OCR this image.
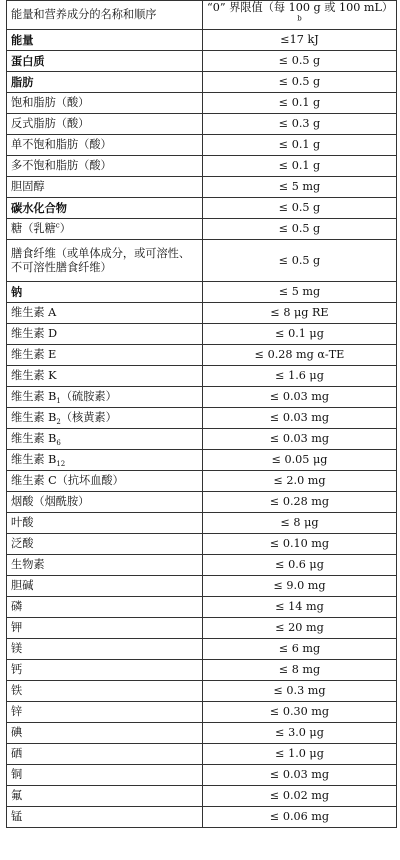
能量和营养成分的名称和顺序	“0” 界限值（每 100 g 或 100 mL）$^b$
能量	≤17 kJ
蛋白质	≤ 0.5 g
脂肪	≤ 0.5 g
饱和脂肪（酸）	≤ 0.1 g
反式脂肪（酸）	≤ 0.3 g
单不饱和脂肪（酸）	≤ 0.1 g
多不饱和脂肪（酸）	≤ 0.1 g
胆固醇	≤ 5 mg
碳水化合物	≤ 0.5 g
糖（乳糖$^c$）	≤ 0.5 g
膳食纤维（或单体成分，或可溶性、
不可溶性膳食纤维）	≤ 0.5 g
钠	≤ 5 mg
维生素 A	≤ 8 μg RE
维生素 D	≤ 0.1 μg
维生素 E	≤ 0.28 mg α-TE
维生素 K	≤ 1.6 μg
维生素 $B_1$（硫胺素）	≤ 0.03 mg
维生素 $B_2$（核黄素）	≤ 0.03 mg
维生素 $B_6$	≤ 0.03 mg
维生素 $B_{12}$	≤ 0.05 μg
维生素 C（抗坏血酸）	≤ 2.0 mg
烟酸（烟酰胺）	≤ 0.28 mg
叶酸	≤ 8 μg
泛酸	≤ 0.10 mg
生物素	≤ 0.6 μg
胆碱	≤ 9.0 mg
磷	≤ 14 mg
钾	≤ 20 mg
镁	≤ 6 mg
钙	≤ 8 mg
铁	≤ 0.3 mg
锌	≤ 0.30 mg
碘	≤ 3.0 μg
硒	≤ 1.0 μg
铜	≤ 0.03 mg
氟	≤ 0.02 mg
锰	≤ 0.06 mg
